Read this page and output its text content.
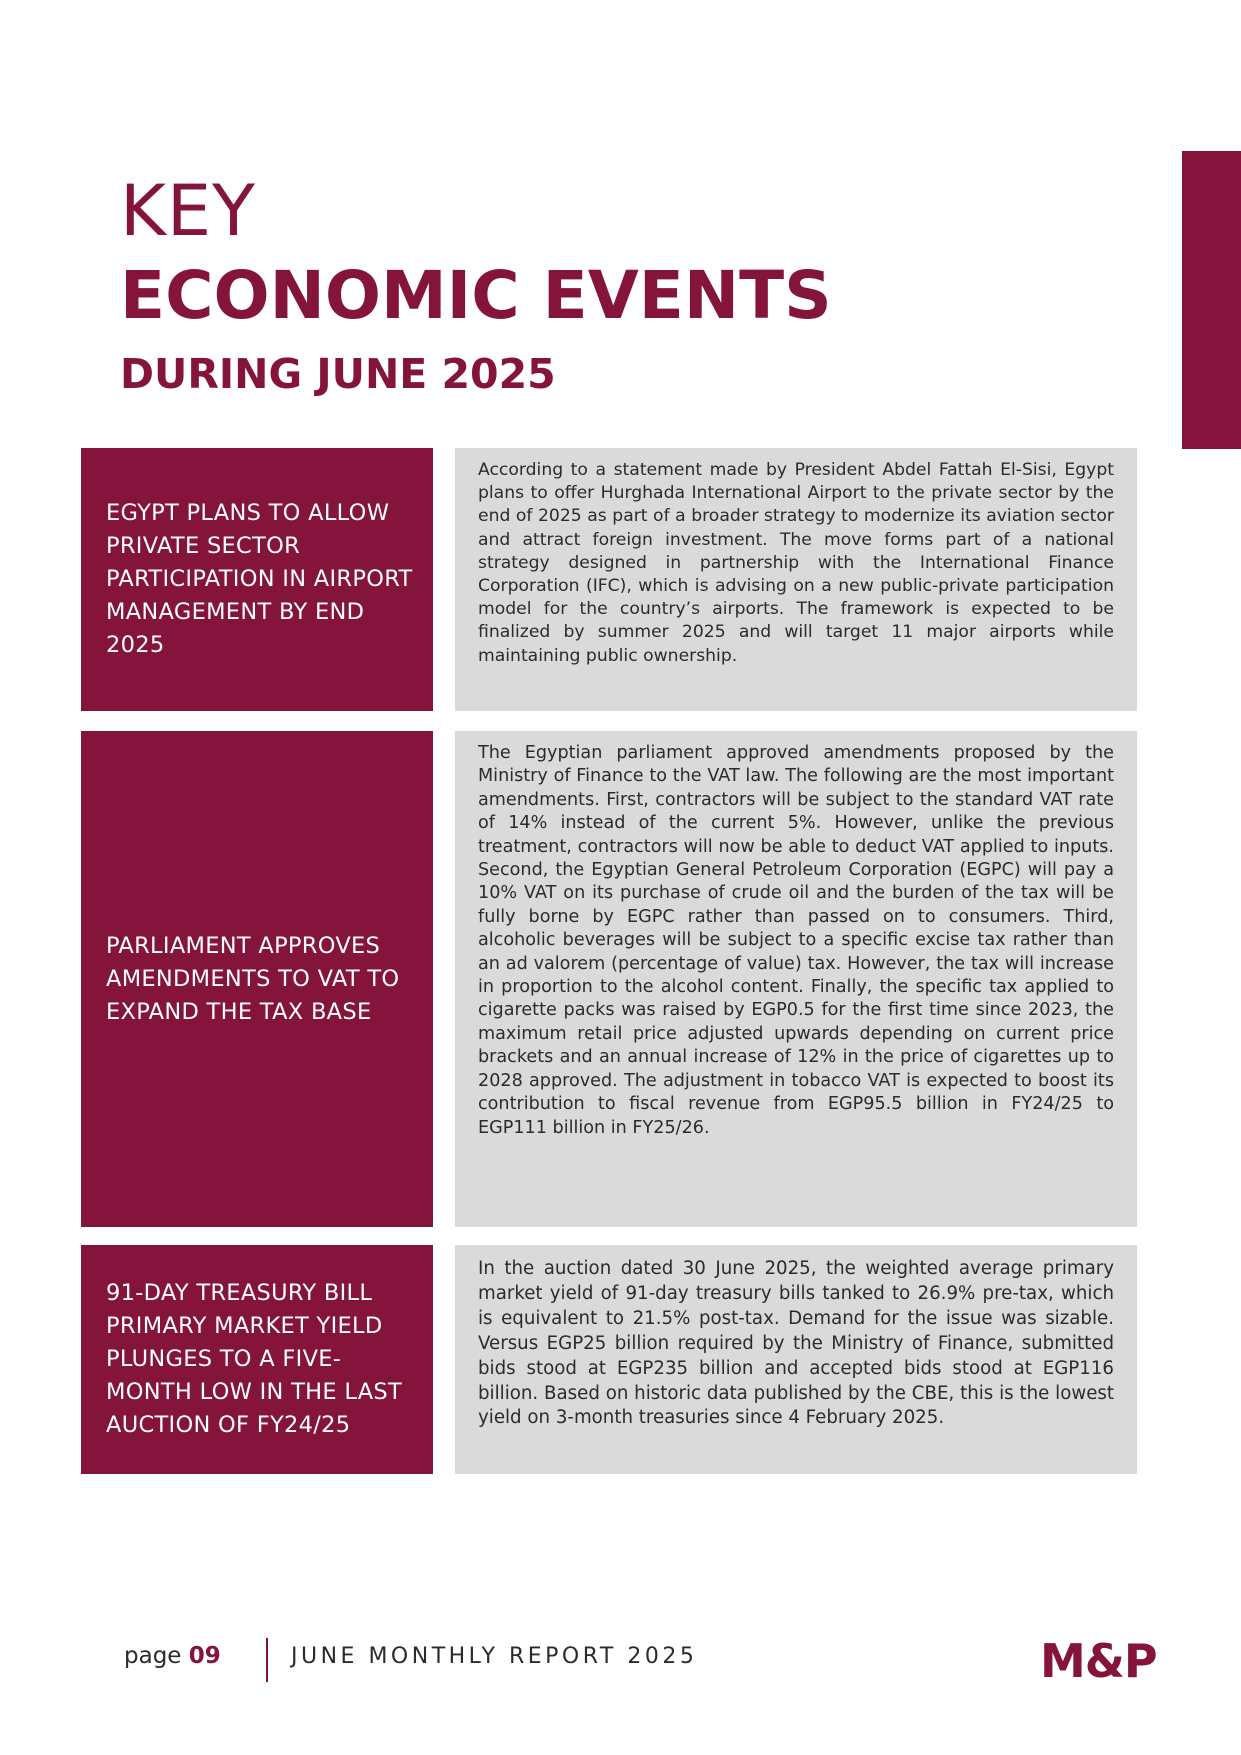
KEY
ECONOMIC EVENTS
DURING JUNE 2025
EGYPT PLANS TO ALLOW PRIVATE SECTOR PARTICIPATION IN AIRPORT MANAGEMENT BY END 2025
According to a statement made by President Abdel Fattah El-Sisi, Egypt plans to offer Hurghada International Airport to the private sector by the end of 2025 as part of a broader strategy to modernize its aviation sector and attract foreign investment. The move forms part of a national strategy designed in partnership with the International Finance Corporation (IFC), which is advising on a new public-private participation model for the country’s airports. The framework is expected to be finalized by summer 2025 and will target 11 major airports while maintaining public ownership.
PARLIAMENT APPROVES AMENDMENTS TO VAT TO EXPAND THE TAX BASE
The Egyptian parliament approved amendments proposed by the Ministry of Finance to the VAT law. The following are the most important amendments. First, contractors will be subject to the standard VAT rate of 14% instead of the current 5%. However, unlike the previous treatment, contractors will now be able to deduct VAT applied to inputs. Second, the Egyptian General Petroleum Corporation (EGPC) will pay a 10% VAT on its purchase of crude oil and the burden of the tax will be fully borne by EGPC rather than passed on to consumers. Third, alcoholic beverages will be subject to a specific excise tax rather than an ad valorem (percentage of value) tax. However, the tax will increase in proportion to the alcohol content. Finally, the specific tax applied to cigarette packs was raised by EGP0.5 for the first time since 2023, the maximum retail price adjusted upwards depending on current price brackets and an annual increase of 12% in the price of cigarettes up to 2028 approved. The adjustment in tobacco VAT is expected to boost its contribution to fiscal revenue from EGP95.5 billion in FY24/25 to EGP111 billion in FY25/26.
91-DAY TREASURY BILL PRIMARY MARKET YIELD PLUNGES TO A FIVE-MONTH LOW IN THE LAST AUCTION OF FY24/25
In the auction dated 30 June 2025, the weighted average primary market yield of 91-day treasury bills tanked to 26.9% pre-tax, which is equivalent to 21.5% post-tax. Demand for the issue was sizable. Versus EGP25 billion required by the Ministry of Finance, submitted bids stood at EGP235 billion and accepted bids stood at EGP116 billion. Based on historic data published by the CBE, this is the lowest yield on 3-month treasuries since 4 February 2025.
page 09	JUNE MONTHLY REPORT 2025	M&P
